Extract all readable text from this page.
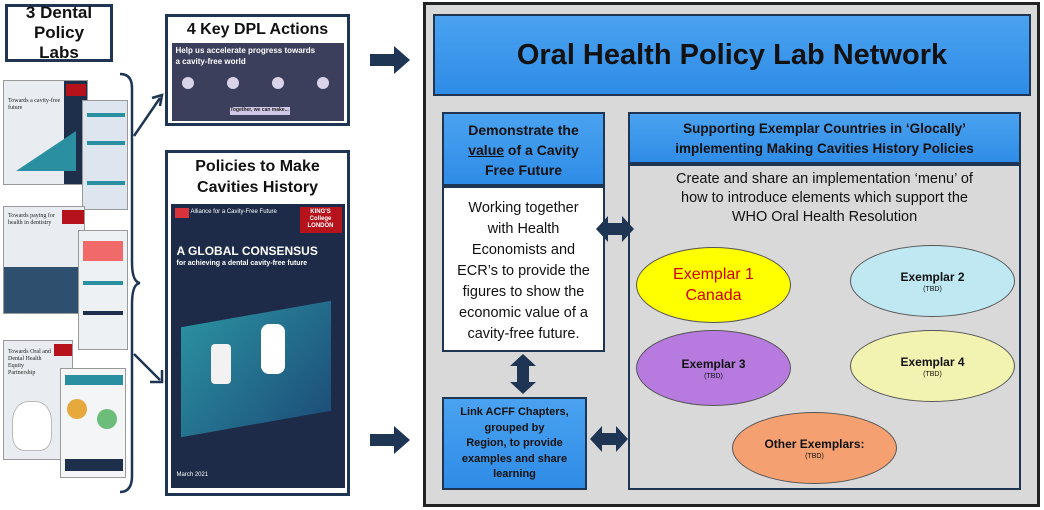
3 Dental Policy Labs
Towards a cavity-free future
Towards paying for health in dentistry
Towards Oral and Dental Health Equity Partnership
4 Key DPL Actions
Help us accelerate progress towards
a cavity-free world
Together, we can make...
Policies to Make Cavities History
Alliance for a Cavity-Free Future	KING'S College LONDON
A GLOBAL CONSENSUS
for achieving a dental cavity-free future
March 2021
Oral Health Policy Lab Network
Demonstrate the
value of a Cavity
Free Future
Working together
with Health
Economists and
ECR’s to provide the
figures to show the
economic value of a
cavity-free future.
Supporting Exemplar Countries in ‘Glocally’
implementing Making Cavities History Policies
Create and share an implementation ‘menu’ of
how to introduce elements which support the
WHO Oral Health Resolution
Exemplar 1
Canada
Exemplar 2
(TBD)
Exemplar 3
(TBD)
Exemplar 4
(TBD)
Other Exemplars:
(TBD)
Link ACFF Chapters,
grouped by
Region, to provide
examples and share
learning
